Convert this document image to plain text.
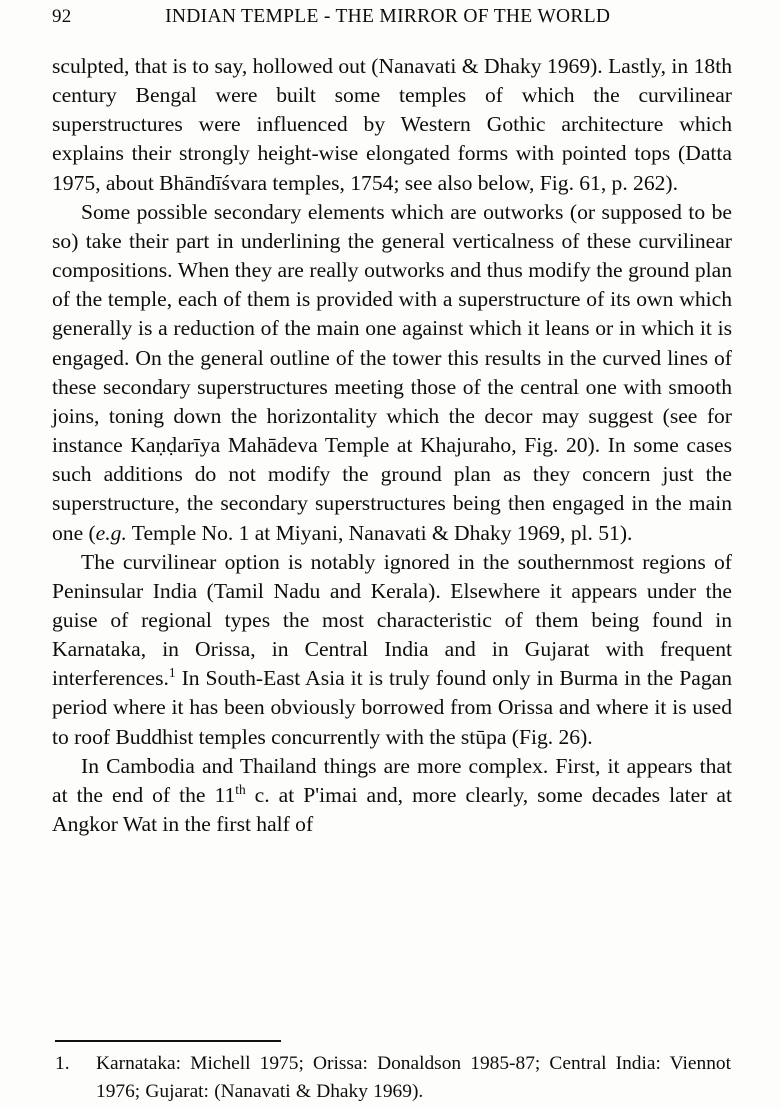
92	INDIAN TEMPLE - THE MIRROR OF THE WORLD

sculpted, that is to say, hollowed out (Nanavati & Dhaky 1969). Lastly, in 18th century Bengal were built some temples of which the curvilinear superstructures were influenced by Western Gothic architecture which explains their strongly height-wise elongated forms with pointed tops (Datta 1975, about Bhāndīśvara temples, 1754; see also below, Fig. 61, p. 262).

Some possible secondary elements which are outworks (or supposed to be so) take their part in underlining the general verticalness of these curvilinear compositions. When they are really outworks and thus modify the ground plan of the temple, each of them is provided with a superstructure of its own which generally is a reduction of the main one against which it leans or in which it is engaged. On the general outline of the tower this results in the curved lines of these secondary superstructures meeting those of the central one with smooth joins, toning down the horizontality which the decor may suggest (see for instance Kaṇḍarīya Mahādeva Temple at Khajuraho, Fig. 20). In some cases such additions do not modify the ground plan as they concern just the superstructure, the secondary superstructures being then engaged in the main one (e.g. Temple No. 1 at Miyani, Nanavati & Dhaky 1969, pl. 51).

The curvilinear option is notably ignored in the southernmost regions of Peninsular India (Tamil Nadu and Kerala). Elsewhere it appears under the guise of regional types the most characteristic of them being found in Karnataka, in Orissa, in Central India and in Gujarat with frequent interferences.$^1$ In South-East Asia it is truly found only in Burma in the Pagan period where it has been obviously borrowed from Orissa and where it is used to roof Buddhist temples concurrently with the stūpa (Fig. 26).

In Cambodia and Thailand things are more complex. First, it appears that at the end of the 11th c. at P'imai and, more clearly, some decades later at Angkor Wat in the first half of

1.	Karnataka: Michell 1975; Orissa: Donaldson 1985-87; Central India: Viennot 1976; Gujarat: (Nanavati & Dhaky 1969).
